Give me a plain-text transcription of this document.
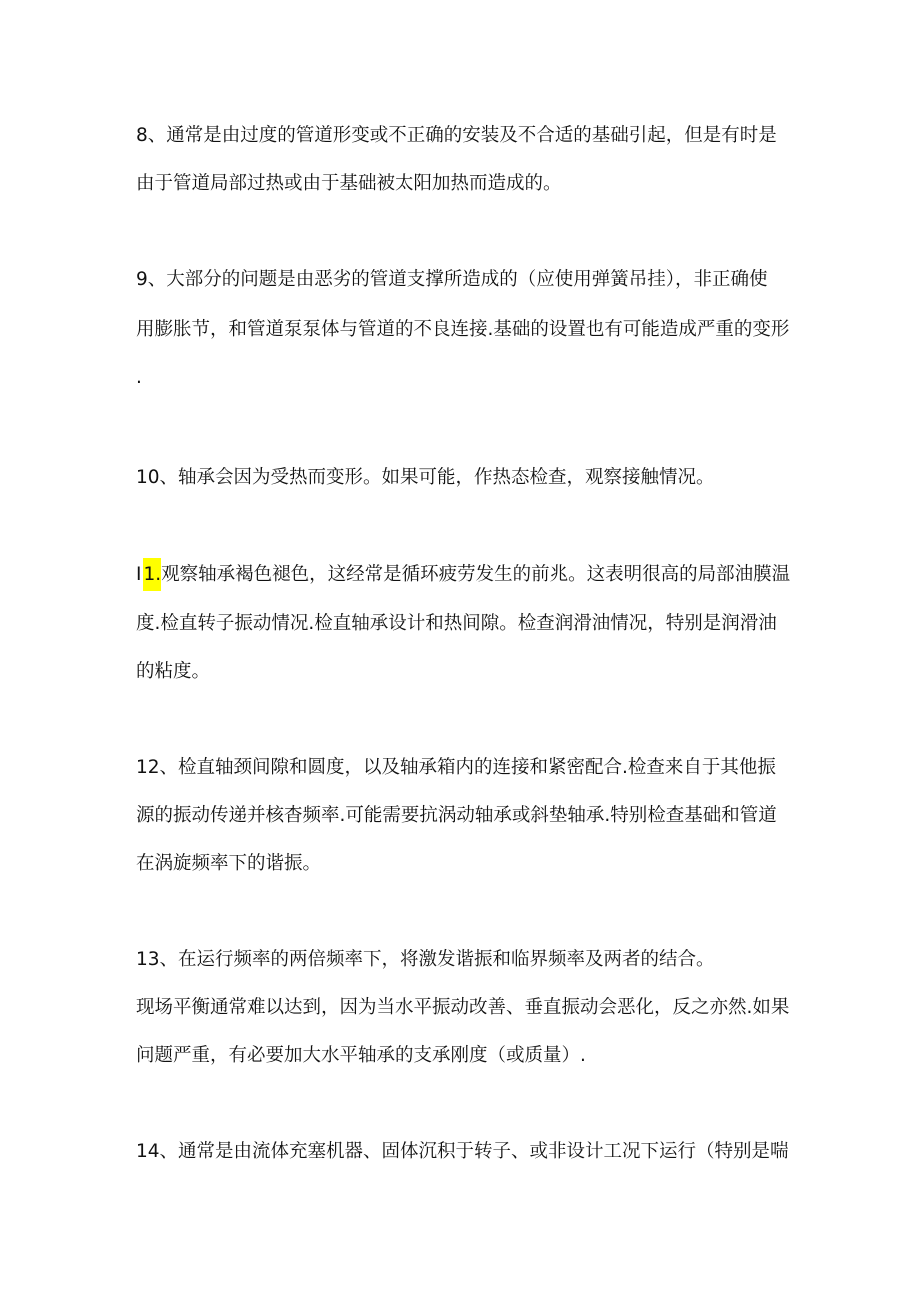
8、通常是由过度的管道形变或不正确的安装及不合适的基础引起，但是有时是
由于管道局部过热或由于基础被太阳加热而造成的。
9、大部分的问题是由恶劣的管道支撑所造成的（应使用弹簧吊挂），非正确使
用膨胀节，和管道泵泵体与管道的不良连接.基础的设置也有可能造成严重的变形
.
10、轴承会因为受热而变形。如果可能，作热态检查，观察接触情况。
I 1.观察轴承褐色褪色，这经常是循环疲劳发生的前兆。这表明很高的局部油膜温
度.检直转子振动情况.检直轴承设计和热间隙。检查润滑油情况，特别是润滑油
的粘度。
12、检直轴颈间隙和圆度，以及轴承箱内的连接和紧密配合.检查来自于其他振
源的振动传递并核杳频率.可能需要抗涡动轴承或斜垫轴承.特别检查基础和管道
在涡旋频率下的谐振。
13、在运行频率的两倍频率下，将激发谐振和临界频率及两者的结合。
现场平衡通常难以达到，因为当水平振动改善、垂直振动会恶化，反之亦然.如果
问题严重，有必要加大水平轴承的支承刚度（或质量）.
14、通常是由流体充塞机器、固体沉积于转子、或非设计工况下运行（特别是喘
